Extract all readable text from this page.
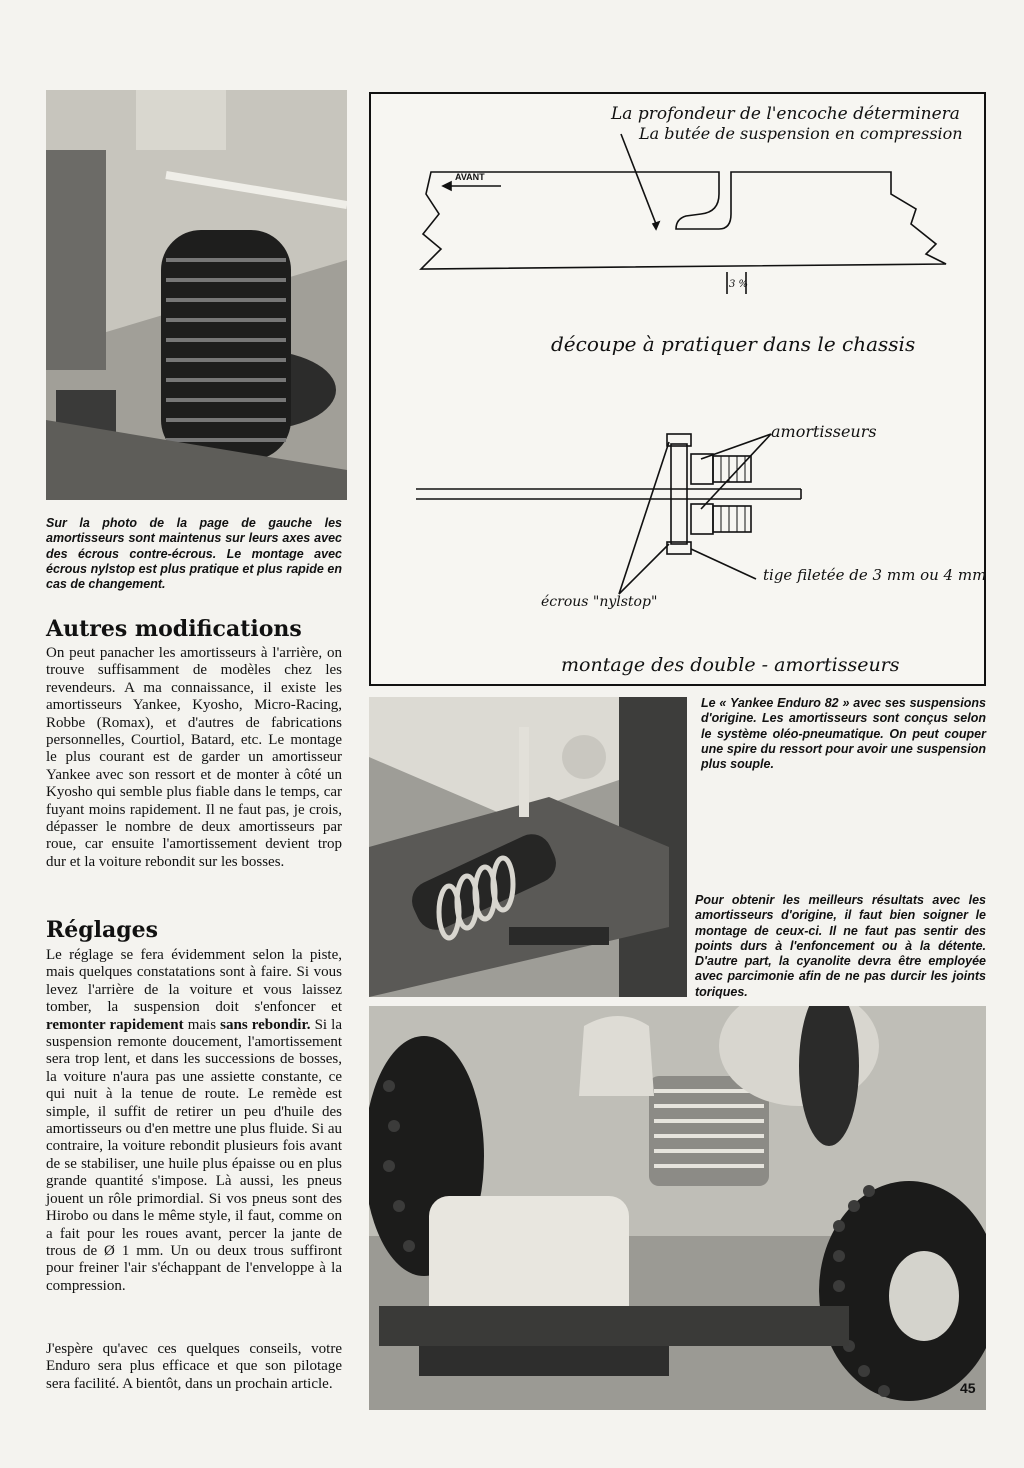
Sur la photo de la page de gauche les amortisseurs sont maintenus sur leurs axes avec des écrous contre-écrous. Le montage avec écrous nylstop est plus pratique et plus rapide en cas de changement.

Autres modifications

On peut panacher les amortisseurs à l'arrière, on trouve suffisamment de modèles chez les revendeurs. A ma connaissance, il existe les amortisseurs Yankee, Kyosho, Micro-Racing, Robbe (Romax), et d'autres de fabrications personnelles, Courtiol, Batard, etc. Le montage le plus courant est de garder un amortisseur Yankee avec son ressort et de monter à côté un Kyosho qui semble plus fiable dans le temps, car fuyant moins rapidement. Il ne faut pas, je crois, dépasser le nombre de deux amortisseurs par roue, car ensuite l'amortissement devient trop dur et la voiture rebondit sur les bosses.

Réglages

Le réglage se fera évidemment selon la piste, mais quelques constatations sont à faire. Si vous levez l'arrière de la voiture et vous laissez tomber, la suspension doit s'enfoncer et remonter rapidement mais sans rebondir. Si la suspension remonte doucement, l'amortissement sera trop lent, et dans les successions de bosses, la voiture n'aura pas une assiette constante, ce qui nuit à la tenue de route. Le remède est simple, il suffit de retirer un peu d'huile des amortisseurs ou d'en mettre une plus fluide. Si au contraire, la voiture rebondit plusieurs fois avant de se stabiliser, une huile plus épaisse ou en plus grande quantité s'impose. Là aussi, les pneus jouent un rôle primordial. Si vos pneus sont des Hirobo ou dans le même style, il faut, comme on a fait pour les roues avant, percer la jante de trous de Ø 1 mm. Un ou deux trous suffiront pour freiner l'air s'échappant de l'enveloppe à la compression.

J'espère qu'avec ces quelques conseils, votre Enduro sera plus efficace et que son pilotage sera facilité. A bientôt, dans un prochain article.

La profondeur de l'encoche déterminera
La butée de suspension en compression
AVANT
3 %
découpe à pratiquer dans le chassis
amortisseurs
tige filetée de 3 mm ou 4 mm
écrous "nylstop"
montage des double - amortisseurs

Le « Yankee Enduro 82 » avec ses suspensions d'origine. Les amortisseurs sont conçus selon le système oléo-pneumatique. On peut couper une spire du ressort pour avoir une suspension plus souple.

Pour obtenir les meilleurs résultats avec les amortisseurs d'origine, il faut bien soigner le montage de ceux-ci. Il ne faut pas sentir des points durs à l'enfoncement ou à la détente. D'autre part, la cyanolite devra être employée avec parcimonie afin de ne pas durcir les joints toriques.

45
